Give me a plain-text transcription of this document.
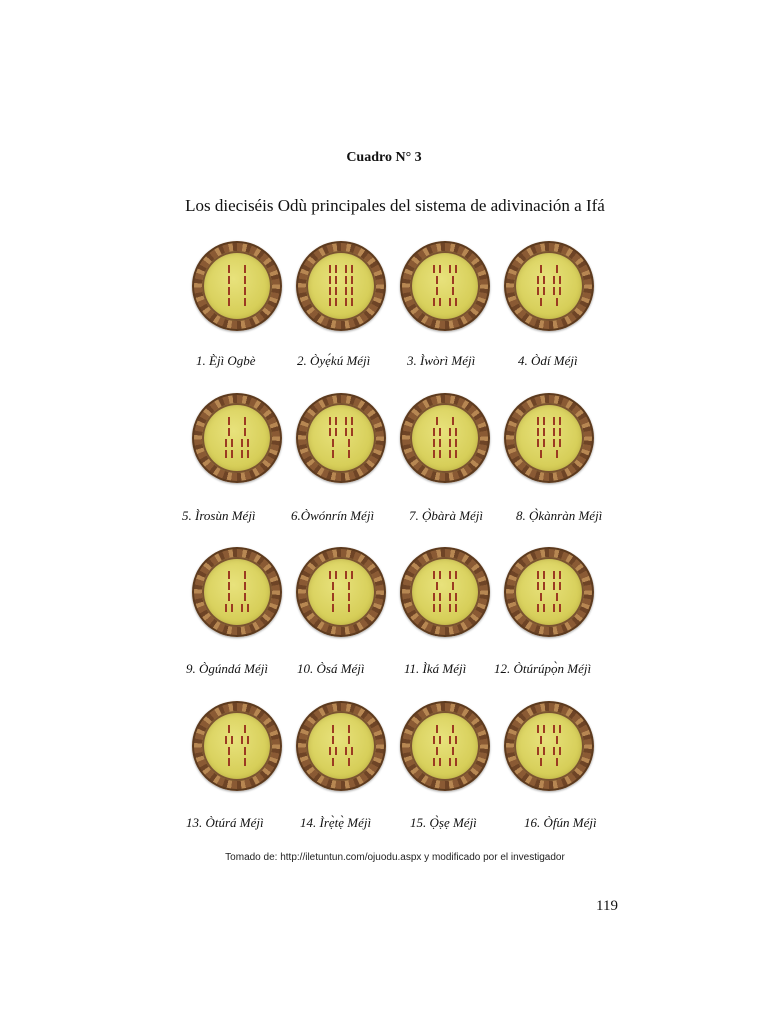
Cuadro N° 3
Los dieciséis Odù principales del sistema de adivinación a Ifá
1. Èjì Ogbè	2. Òyẹ́kú Méjì	3. Ìwòrì Méjì	4. Òdí Méjì
5. Ìrosùn Méjì	6.Òwónrín Méjì	7. Ọ̀bàrà Méjì	8. Ọ̀kànràn Méjì
9. Ògúndá Méjì 10. Òsá Méjì	11. Ìká Méjì 12. Òtúrúpọ̀n Méjì
13. Òtúrá Méjì	14. Ìrẹ̀tẹ̀ Méjì	15. Ọ̀ṣẹ Méjì	16. Òfún Méjì
Tomado de: http://iletuntun.com/ojuodu.aspx y modificado por el investigador
119
